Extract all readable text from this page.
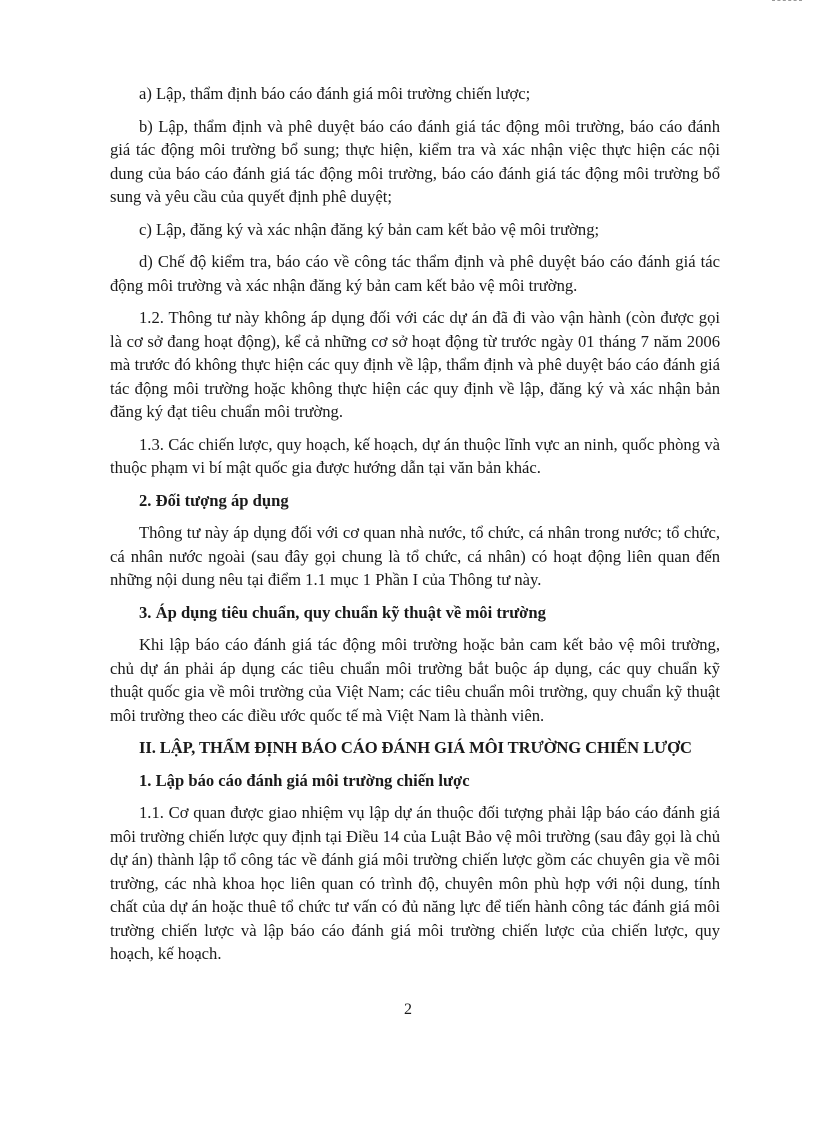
a) Lập, thẩm định báo cáo đánh giá môi trường chiến lược;

b) Lập, thẩm định và phê duyệt báo cáo đánh giá tác động môi trường, báo cáo đánh giá tác động môi trường bổ sung; thực hiện, kiểm tra và xác nhận việc thực hiện các nội dung của báo cáo đánh giá tác động môi trường, báo cáo đánh giá tác động môi trường bổ sung và yêu cầu của quyết định phê duyệt;

c) Lập, đăng ký và xác nhận đăng ký bản cam kết bảo vệ môi trường;

d) Chế độ kiểm tra, báo cáo về công tác thẩm định và phê duyệt báo cáo đánh giá tác động môi trường và xác nhận đăng ký bản cam kết bảo vệ môi trường.

1.2. Thông tư này không áp dụng đối với các dự án đã đi vào vận hành (còn được gọi là cơ sở đang hoạt động), kể cả những cơ sở hoạt động từ trước ngày 01 tháng 7 năm 2006 mà trước đó không thực hiện các quy định về lập, thẩm định và phê duyệt báo cáo đánh giá tác động môi trường hoặc không thực hiện các quy định về lập, đăng ký và xác nhận bản đăng ký đạt tiêu chuẩn môi trường.

1.3. Các chiến lược, quy hoạch, kế hoạch, dự án thuộc lĩnh vực an ninh, quốc phòng và thuộc phạm vi bí mật quốc gia được hướng dẫn tại văn bản khác.

2. Đối tượng áp dụng

Thông tư này áp dụng đối với cơ quan nhà nước, tổ chức, cá nhân trong nước; tổ chức, cá nhân nước ngoài (sau đây gọi chung là tổ chức, cá nhân) có hoạt động liên quan đến những nội dung nêu tại điểm 1.1 mục 1 Phần I của Thông tư này.

3. Áp dụng tiêu chuẩn, quy chuẩn kỹ thuật về môi trường

Khi lập báo cáo đánh giá tác động môi trường hoặc bản cam kết bảo vệ môi trường, chủ dự án phải áp dụng các tiêu chuẩn môi trường bắt buộc áp dụng, các quy chuẩn kỹ thuật quốc gia về môi trường của Việt Nam; các tiêu chuẩn môi trường, quy chuẩn kỹ thuật môi trường theo các điều ước quốc tế mà Việt Nam là thành viên.

II. LẬP, THẨM ĐỊNH BÁO CÁO ĐÁNH GIÁ MÔI TRƯỜNG CHIẾN LƯỢC

1. Lập báo cáo đánh giá môi trường chiến lược

1.1. Cơ quan được giao nhiệm vụ lập dự án thuộc đối tượng phải lập báo cáo đánh giá môi trường chiến lược quy định tại Điều 14 của Luật Bảo vệ môi trường (sau đây gọi là chủ dự án) thành lập tổ công tác về đánh giá môi trường chiến lược gồm các chuyên gia về môi trường, các nhà khoa học liên quan có trình độ, chuyên môn phù hợp với nội dung, tính chất của dự án hoặc thuê tổ chức tư vấn có đủ năng lực để tiến hành công tác đánh giá môi trường chiến lược và lập báo cáo đánh giá môi trường chiến lược của chiến lược, quy hoạch, kế hoạch.

2
